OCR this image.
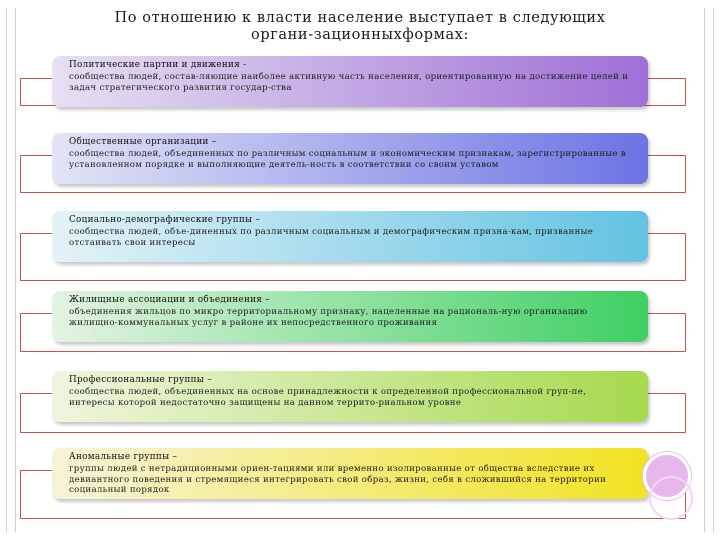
По отношению к власти население выступает в следующих
органи-зационныхформах:
Политические партии и движения -
сообщества людей, состав-ляющие наиболее активную часть населения, ориентированную на достижение целей и задач стратегического развития государ-ства
Общественные организации –
сообщества людей, объединенных по различным социальным и экономическим признакам, зарегистрированные в установленном порядке и выполняющие деятель-ность в соответствии со своим уставом
Социально-демографические группы –
сообщества людей, объе-диненных по различным социальным и демографическим призна-кам, призванные отстаивать свои интересы
Жилищные ассоциации и объединения –
объединения жильцов по микро территориальному признаку, нацеленные на рациональ-ную организацию жилищно-коммунальных услуг в районе их непосредственного проживания
Профессиональные группы –
сообщества людей, объединенных на основе принадлежности к определенной профессиональной груп-пе, интересы которой недостаточно защищены на данном террито-риальном уровне
Аномальные группы –
группы людей с нетрадиционными ориен-тациями или временно изолированные от общества вследствие их девиантного поведения и стремящиеся интегрировать свой образ, жизни, себя в сложившийся на территории социальный порядок
